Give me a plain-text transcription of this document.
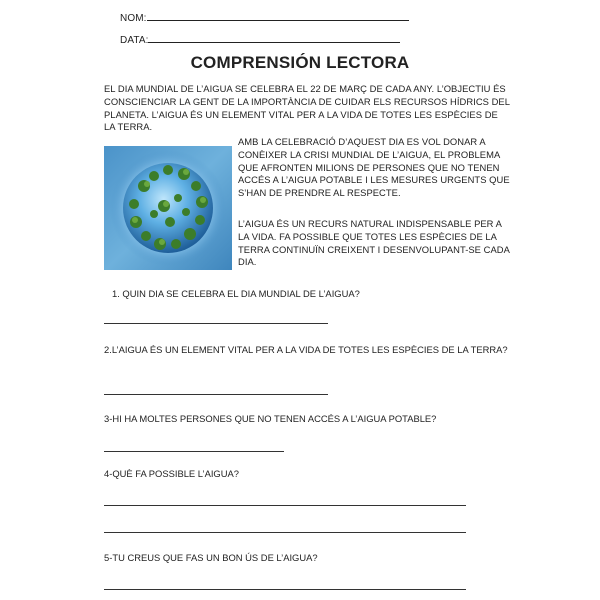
NOM:
DATA:
COMPRENSIÓN LECTORA
EL DIA MUNDIAL DE L’AIGUA SE CELEBRA EL 22 DE MARÇ DE CADA ANY. L’OBJECTIU ÉS CONSCIENCIAR LA GENT DE LA IMPORTÀNCIA DE CUIDAR ELS RECURSOS HÍDRICS DEL PLANETA. L’AIGUA ÉS UN ELEMENT VITAL PER A LA VIDA DE TOTES LES ESPÈCIES DE LA TERRA.
AMB LA CELEBRACIÓ D’AQUEST DIA ES VOL DONAR A CONÈIXER LA CRISI MUNDIAL DE L’AIGUA, EL PROBLEMA QUE AFRONTEN MILIONS DE PERSONES QUE NO TENEN ACCÉS A L’AIGUA POTABLE I LES MESURES URGENTS QUE S’HAN DE PRENDRE AL RESPECTE.
L’AIGUA ÉS UN RECURS NATURAL INDISPENSABLE PER A LA VIDA. FA POSSIBLE QUE TOTES LES ESPÈCIES DE LA TERRA CONTINUÏN CREIXENT I DESENVOLUPANT-SE CADA DIA.
1. QUIN DIA SE CELEBRA EL DIA MUNDIAL DE L’AIGUA?
2.L’AIGUA ÉS UN ELEMENT VITAL PER A LA VIDA DE TOTES LES ESPÈCIES DE LA TERRA?
3-HI HA MOLTES PERSONES QUE NO TENEN ACCÉS A L’AIGUA POTABLE?
4-QUÈ FA POSSIBLE L’AIGUA?
5-TU CREUS QUE FAS UN BON ÚS DE L’AIGUA?
